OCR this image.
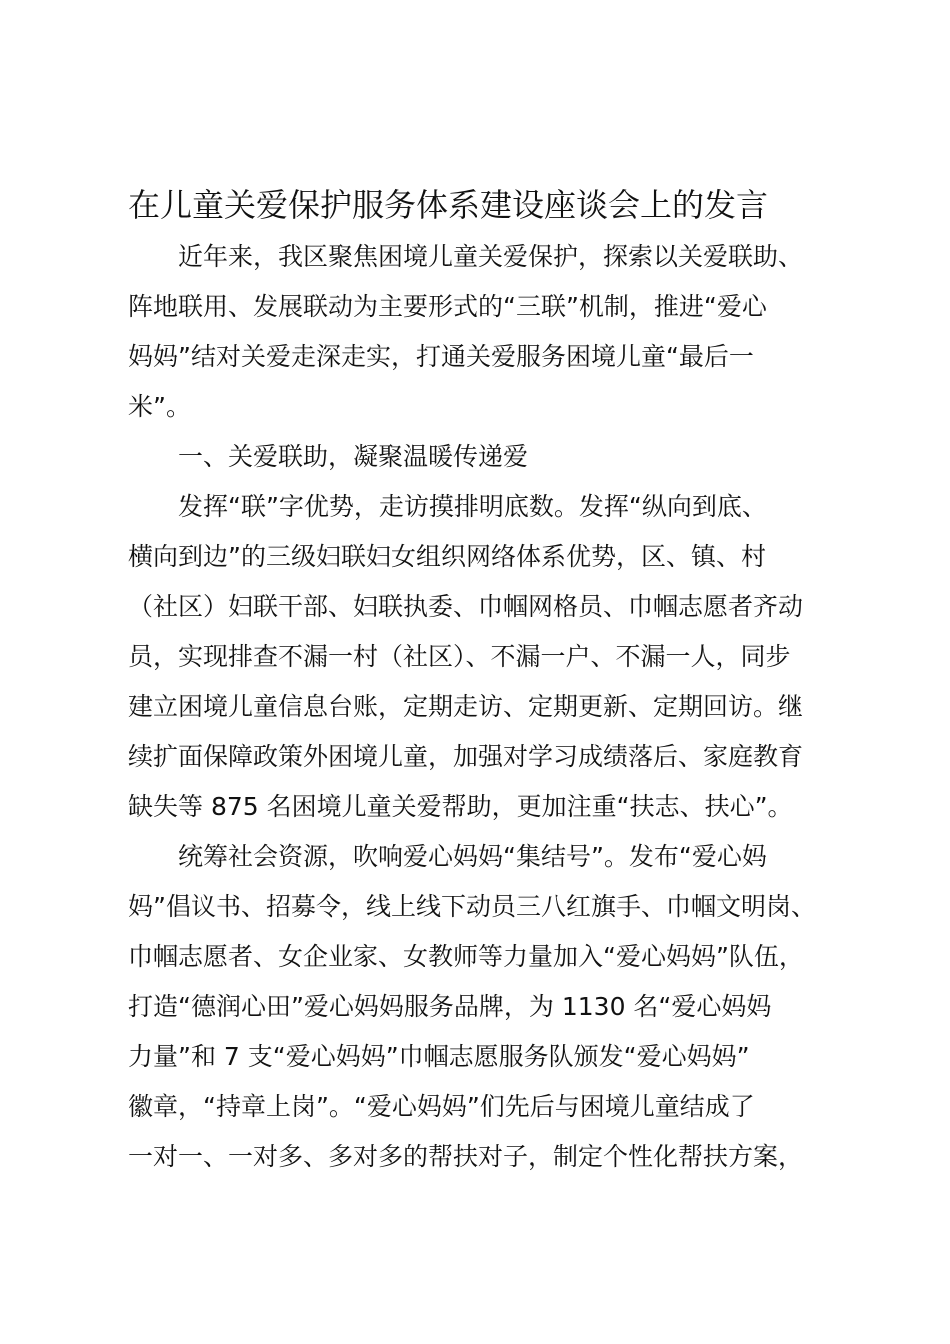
在儿童关爱保护服务体系建设座谈会上的发言
近年来，我区聚焦困境儿童关爱保护，探索以关爱联助、
阵地联用、发展联动为主要形式的“三联”机制，推进“爱心
妈妈”结对关爱走深走实，打通关爱服务困境儿童“最后一
米”。
一、关爱联助，凝聚温暖传递爱
发挥“联”字优势，走访摸排明底数。发挥“纵向到底、
横向到边”的三级妇联妇女组织网络体系优势，区、镇、村
（社区）妇联干部、妇联执委、巾帼网格员、巾帼志愿者齐动
员，实现排查不漏一村（社区）、不漏一户、不漏一人，同步
建立困境儿童信息台账，定期走访、定期更新、定期回访。继
续扩面保障政策外困境儿童，加强对学习成绩落后、家庭教育
缺失等 875 名困境儿童关爱帮助，更加注重“扶志、扶心”。
统筹社会资源，吹响爱心妈妈“集结号”。发布“爱心妈
妈”倡议书、招募令，线上线下动员三八红旗手、巾帼文明岗、
巾帼志愿者、女企业家、女教师等力量加入“爱心妈妈”队伍，
打造“德润心田”爱心妈妈服务品牌，为 1130 名“爱心妈妈
力量”和 7 支“爱心妈妈”巾帼志愿服务队颁发“爱心妈妈”
徽章，“持章上岗”。“爱心妈妈”们先后与困境儿童结成了
一对一、一对多、多对多的帮扶对子，制定个性化帮扶方案，
